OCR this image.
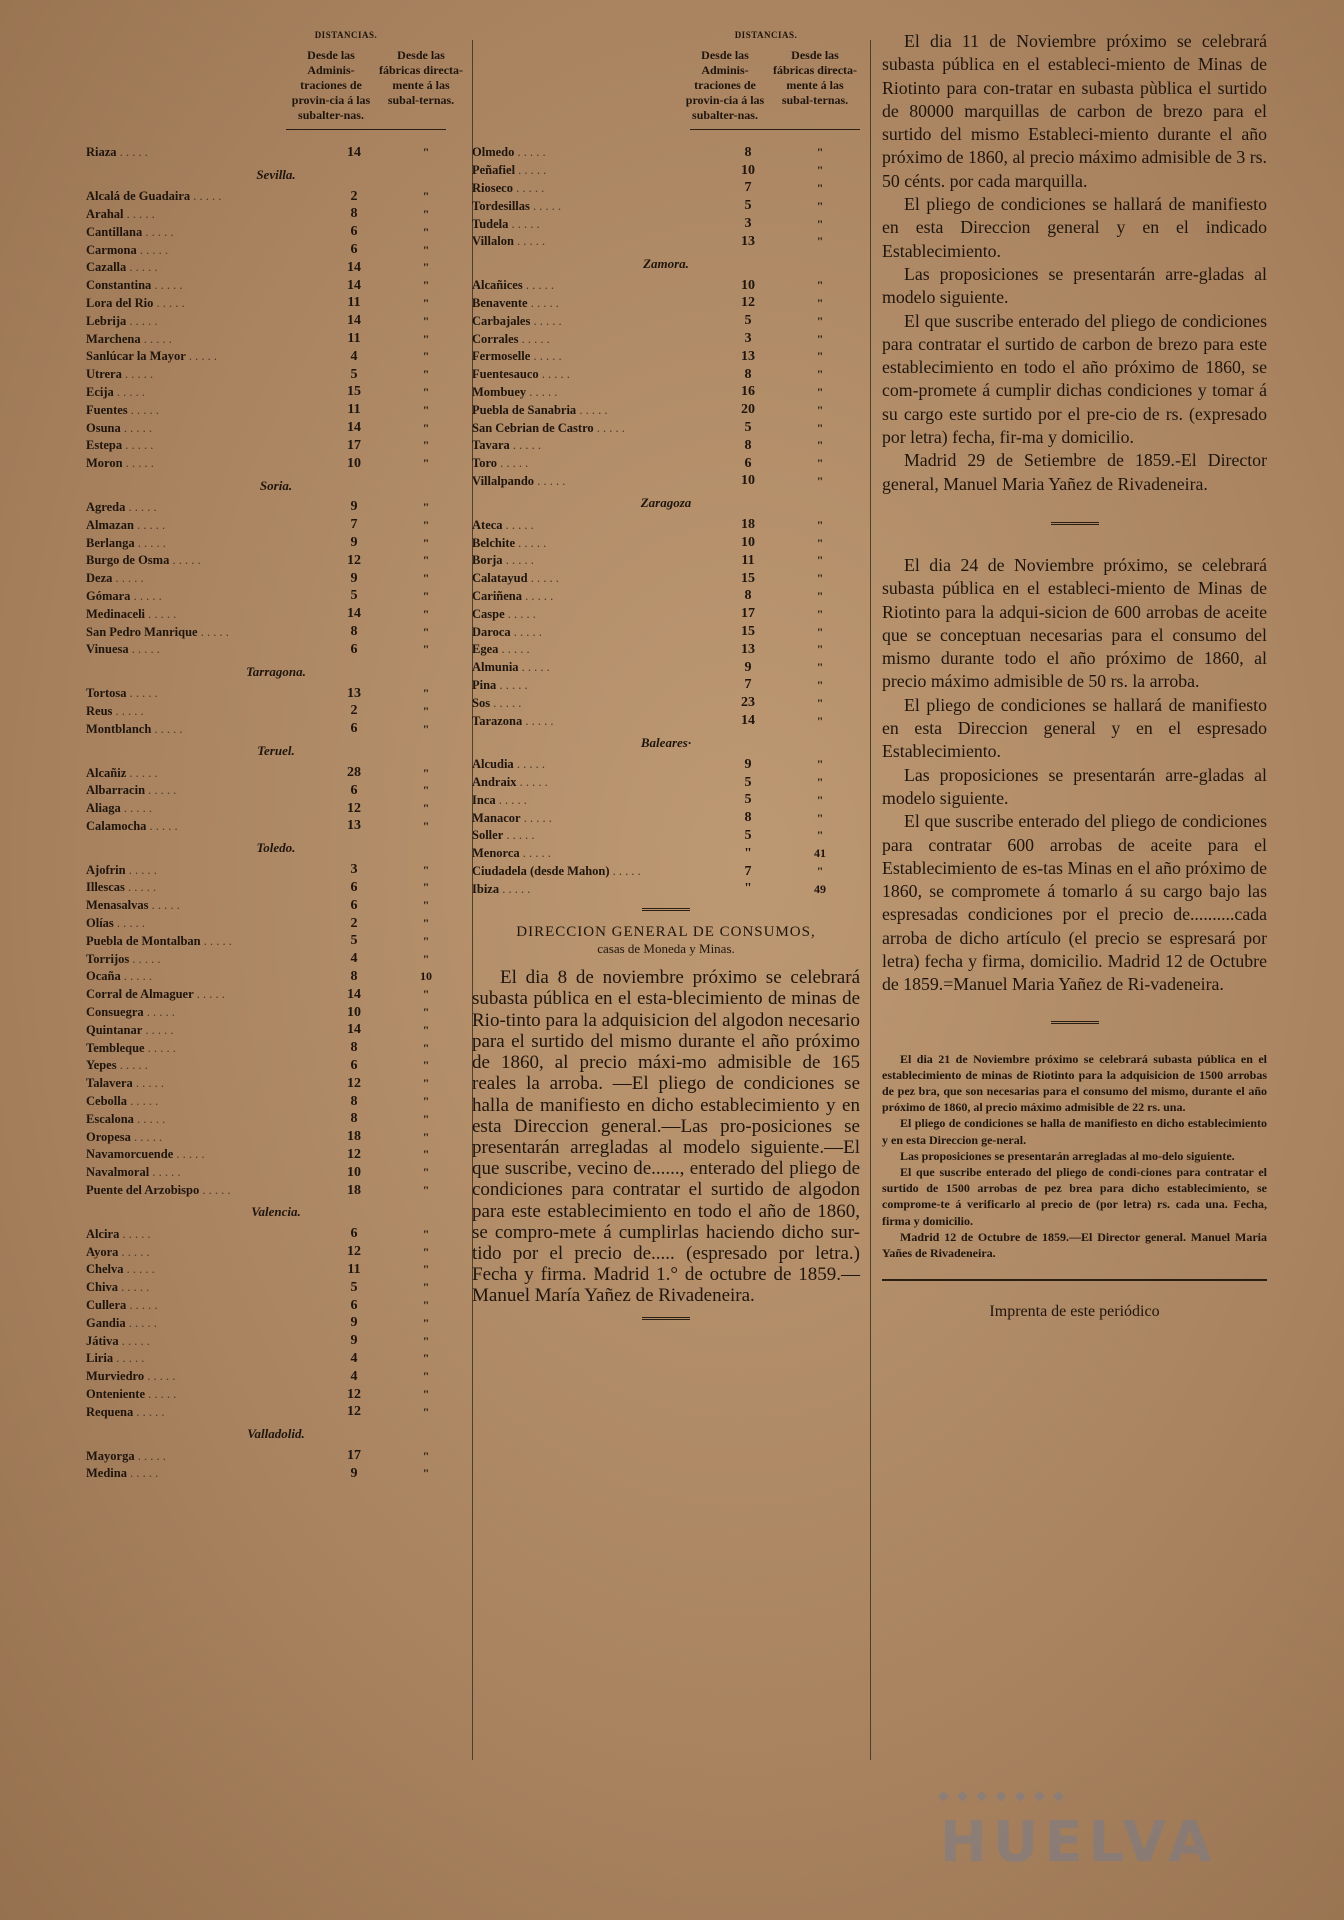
DISTANCIAS.
Desde las Adminis-traciones de provin-cia á las subalter-nas.
Desde las fábricas directa-mente á las subal-ternas.
Riaza . .	14	"
Sevilla.
Alcalá de Guadaira . .	2	"
Arahal . .	8	"
Cantillana . .	6	"
Carmona . .	6	"
Cazalla . .	14	"
Constantina . .	14	"
Lora del Rio . .	11	"
Lebrija . .	14	"
Marchena . .	11	"
Sanlúcar la Mayor . .	4	"
Utrera . .	5	"
Ecija . .	15	"
Fuentes . .	11	"
Osuna . .	14	"
Estepa . .	17	"
Moron . .	10	"
Soria.
Agreda . .	9	"
Almazan . .	7	"
Berlanga . .	9	"
Burgo de Osma . .	12	"
Deza . .	9	"
Gómara . .	5	"
Medinaceli . .	14	"
San Pedro Manrique . .	8	"
Vinuesa . .	6	"
Tarragona.
Tortosa . .	13	"
Reus . .	2	"
Montblanch . .	6	"
Teruel.
Alcañiz . .	28	"
Albarracin . .	6	"
Aliaga . .	12	"
Calamocha . .	13	"
Toledo.
Ajofrin . .	3	"
Illescas . .	6	"
Menasalvas . .	6	"
Olías . .	2	"
Puebla de Montalban . .	5	"
Torrijos . .	4	"
Ocaña . .	8	10
Corral de Almaguer . .	14	"
Consuegra . .	10	"
Quintanar . .	14	"
Tembleque . .	8	"
Yepes . .	6	"
Talavera . .	12	"
Cebolla . .	8	"
Escalona . .	8	"
Oropesa . .	18	"
Navamorcuende . .	12	"
Navalmoral . .	10	"
Puente del Arzobispo . .	18	"
Valencia.
Alcira . .	6	"
Ayora . .	12	"
Chelva . .	11	"
Chiva . .	5	"
Cullera . .	6	"
Gandia . .	9	"
Játiva . .	9	"
Liria . .	4	"
Murviedro . .	4	"
Onteniente . .	12	"
Requena . .	12	"
Valladolid.
Mayorga . .	17	"
Medina . .	9	"
DISTANCIAS.
Desde las Adminis-traciones de provin-cia á las subalter-nas.
Desde las fábricas directa-mente á las subal-ternas.
Olmedo . .	8	"
Peñafiel . .	10	"
Rioseco . .	7	"
Tordesillas . .	5	"
Tudela . .	3	"
Villalon . .	13	"
Zamora.
Alcañices . .	10	"
Benavente . .	12	"
Carbajales . .	5	"
Corrales . .	3	"
Fermoselle . .	13	"
Fuentesauco . .	8	"
Mombuey . .	16	"
Puebla de Sanabria . .	20	"
San Cebrian de Castro . .	5	"
Tavara . .	8	"
Toro . .	6	"
Villalpando . .	10	"
Zaragoza
Ateca . .	18	"
Belchite . .	10	"
Borja . .	11	"
Calatayud . .	15	"
Cariñena . .	8	"
Caspe . .	17	"
Daroca . .	15	"
Egea . .	13	"
Almunia . .	9	"
Pina . .	7	"
Sos . .	23	"
Tarazona . .	14	"
Baleares·
Alcudia . .	9	"
Andraix . .	5	"
Inca . .	5	"
Manacor . .	8	"
Soller . .	5	"
Menorca . .	"	41
Ciudadela (desde Mahon) . .	7	"
Ibiza . .	"	49
DIRECCION GENERAL DE CONSUMOS,
casas de Moneda y Minas.

El dia 8 de noviembre próximo se celebrará subasta pública en el esta-blecimiento de minas de Rio-tinto para la adquisicion del algodon necesario para el surtido del mismo durante el año próximo de 1860, al precio máxi-mo admisible de 165 reales la arroba. —El pliego de condiciones se halla de manifiesto en dicho establecimiento y en esta Direccion general.—Las pro-posiciones se presentarán arregladas al modelo siguiente.—El que suscribe, vecino de......, enterado del pliego de condiciones para contratar el surtido de algodon para este establecimiento en todo el año de 1860, se compro-mete á cumplirlas haciendo dicho sur-tido por el precio de..... (espresado por letra.) Fecha y firma. Madrid 1.° de octubre de 1859.—Manuel María Yañez de Rivadeneira.

El dia 11 de Noviembre próximo se celebrará subasta pública en el estableci-miento de Minas de Riotinto para con-tratar en subasta pùblica el surtido de 80000 marquillas de carbon de brezo para el surtido del mismo Estableci-miento durante el año próximo de 1860, al precio máximo admisible de 3 rs. 50 cénts. por cada marquilla.

El pliego de condiciones se hallará de manifiesto en esta Direccion general y en el indicado Establecimiento.

Las proposiciones se presentarán arre-gladas al modelo siguiente.

El que suscribe enterado del pliego de condiciones para contratar el surtido de carbon de brezo para este establecimiento en todo el año próximo de 1860, se com-promete á cumplir dichas condiciones y tomar á su cargo este surtido por el pre-cio de rs. (expresado por letra) fecha, fir-ma y domicilio.

Madrid 29 de Setiembre de 1859.-El Director general, Manuel Maria Yañez de Rivadeneira.

El dia 24 de Noviembre próximo, se celebrará subasta pública en el estableci-miento de Minas de Riotinto para la adqui-sicion de 600 arrobas de aceite que se conceptuan necesarias para el consumo del mismo durante todo el año próximo de 1860, al precio máximo admisible de 50 rs. la arroba.

El pliego de condiciones se hallará de manifiesto en esta Direccion general y en el espresado Establecimiento.

Las proposiciones se presentarán arre-gladas al modelo siguiente.

El que suscribe enterado del pliego de condiciones para contratar 600 arrobas de aceite para el Establecimiento de es-tas Minas en el año próximo de 1860, se compromete á tomarlo á su cargo bajo las espresadas condiciones por el precio de..........cada arroba de dicho artículo (el precio se espresará por letra) fecha y firma, domicilio. Madrid 12 de Octubre de 1859.=Manuel Maria Yañez de Ri-vadeneira.

El dia 21 de Noviembre próximo se celebrará subasta pública en el establecimiento de minas de Riotinto para la adquisicion de 1500 arrobas de pez bra, que son necesarias para el consumo del mismo, durante el año próximo de 1860, al precio máximo admisible de 22 rs. una.

El pliego de condiciones se halla de manifiesto en dicho establecimiento y en esta Direccion ge-neral.

Las proposiciones se presentarán arregladas al mo-delo siguiente.

El que suscribe enterado del pliego de condi-ciones para contratar el surtido de 1500 arrobas de pez brea para dicho establecimiento, se comprome-te á verificarlo al precio de (por letra) rs. cada una. Fecha, firma y domicilio.

Madrid 12 de Octubre de 1859.—El Director general. Manuel Maria Yañes de Rivadeneira.

Imprenta de este periódico
◆ ◆ ◆ ◆ ◆ ◆ ◆
HUELVA
